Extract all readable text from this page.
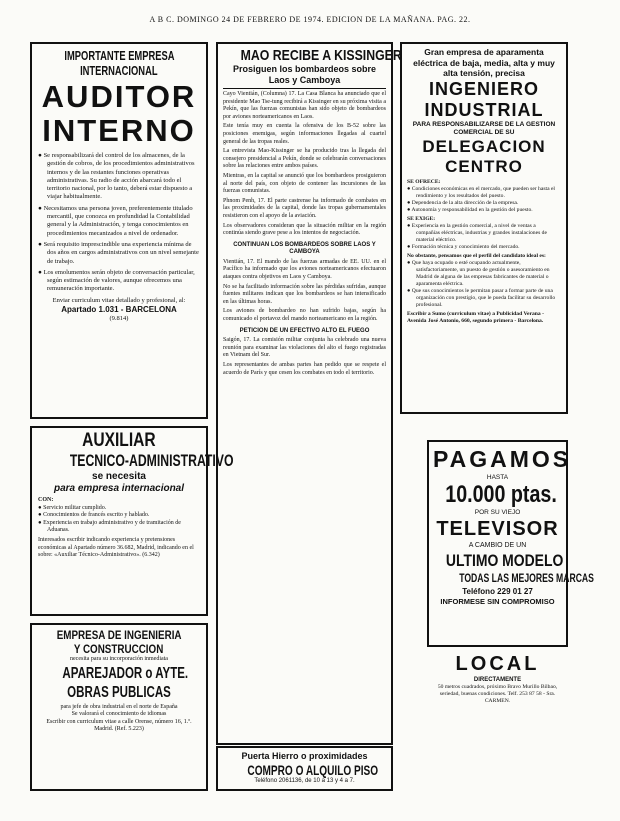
A B C. DOMINGO 24 DE FEBRERO DE 1974. EDICION DE LA MAÑANA. PAG. 22.
IMPORTANTE EMPRESA
INTERNACIONAL
AUDITOR
INTERNO

● Se responsabilizará del control de los almacenes, de la gestión de cobros, de los procedimientos administrativos internos y de las restantes funciones operativas administrativas. Su radio de acción abarcará todo el territorio nacional, por lo tanto, deberá estar dispuesto a viajar habitualmente.

● Necesitamos una persona joven, preferentemente titulado mercantil, que conozca en profundidad la Contabilidad general y la Administración, y tenga conocimientos en procedimientos mecanizados a nivel de ordenador.

● Será requisito imprescindible una experiencia mínima de dos años en cargos administrativos con un nivel semejante de trabajo.

● Los emolumentos serán objeto de conversación particular, según estimación de valores, aunque ofrecemos una remuneración importante.

Enviar curriculum vitae detallado y profesional, al:

Apartado 1.031 - BARCELONA

(9.814)

AUXILIAR
TECNICO-ADMINISTRATIVO
se necesita
para empresa internacional

CON:

● Servicio militar cumplido.

● Conocimientos de francés escrito y hablado.

● Experiencia en trabajo administrativo y de tramitación de Aduanas.

Interesados escribir indicando experiencia y pretensiones económicas al Apartado número 36.682, Madrid, indicando en el sobre: «Auxiliar Técnico-Administrativo». (6.342)

EMPRESA DE INGENIERIA
Y CONSTRUCCION
necesita para su incorporación inmediata
APAREJADOR o AYTE.
OBRAS PUBLICAS

para jefe de obra industrial en el norte de España

Se valorará el conocimiento de idiomas

Escribir con curriculum vitae a calle Orense, número 16, 1.º. Madrid. (Ref. 5.223)

MAO RECIBE A KISSINGER
Prosiguen los bombardeos sobre Laos y Camboya

Cayo Vientián, (Columna) 17. La Casa Blanca ha anunciado que el presidente Mao Tse-tung recibirá a Kissinger en su próxima visita a Pekín, que las fuerzas comunistas han sido objeto de bombardeos por aviones norteamericanos en Laos.

Este tenía muy en cuenta la ofensiva de los B-52 sobre las posiciones enemigas, según informaciones llegadas al cuartel general de las tropas reales.

La entrevista Mao-Kissinger se ha producido tras la llegada del consejero presidencial a Pekín, donde se celebrarán conversaciones sobre las relaciones entre ambos países.

Mientras, en la capital se anunció que los bombardeos prosiguieron al norte del país, con objeto de contener las incursiones de las fuerzas comunistas.

Phnom Penh, 17. El parte castrense ha informado de combates en las proximidades de la capital, donde las tropas gubernamentales resistieron con el apoyo de la aviación.

Los observadores consideran que la situación militar en la región continúa siendo grave pese a los intentos de negociación.

CONTINUAN LOS BOMBARDEOS SOBRE LAOS Y CAMBOYA

Vientián, 17. El mando de las fuerzas armadas de EE. UU. en el Pacífico ha informado que los aviones norteamericanos efectuaron ataques contra objetivos en Laos y Camboya.

No se ha facilitado información sobre las pérdidas sufridas, aunque fuentes militares indican que los bombardeos se han intensificado en las últimas horas.

Los aviones de bombardeo no han sufrido bajas, según ha comunicado el portavoz del mando norteamericano en la región.

PETICION DE UN EFECTIVO ALTO EL FUEGO

Saigón, 17. La comisión militar conjunta ha celebrado una nueva reunión para examinar las violaciones del alto el fuego registradas en Vietnam del Sur.

Los representantes de ambas partes han pedido que se respete el acuerdo de París y que cesen los combates en todo el territorio.

Puerta Hierro o proximidades
COMPRO O ALQUILO PISO
Teléfono 2061136, de 10 a 13 y 4 a 7.
Gran empresa de aparamenta eléctrica de baja, media, alta y muy alta tensión, precisa
INGENIERO
INDUSTRIAL
PARA RESPONSABILIZARSE DE LA GESTION COMERCIAL DE SU
DELEGACION
CENTRO

SE OFRECE:

● Condiciones económicas en el mercado, que pueden ser hasta el rendimiento y los resultados del puesto.

● Dependencia de la alta dirección de la empresa.

● Autonomía y responsabilidad en la gestión del puesto.

SE EXIGE:

● Experiencia en la gestión comercial, a nivel de ventas a compañías eléctricas, industrias y grandes instalaciones de material eléctrico.

● Formación técnica y conocimiento del mercado.

No obstante, pensamos que el perfil del candidato ideal es:

● Que haya ocupado o esté ocupando actualmente, satisfactoriamente, un puesto de gestión o asesoramiento en Madrid de alguna de las empresas fabricantes de material o aparamenta eléctrica.

● Que sus conocimientos le permitan pasar a formar parte de una organización con prestigio, que le pueda facilitar su desarrollo profesional.

Escribir a Sumo (curriculum vitae) a Publicidad Verana - Avenida José Antonio, 660, segundo primera - Barcelona.

PAGAMOS
HASTA
10.000 ptas.
POR SU VIEJO
TELEVISOR
A CAMBIO DE UN
ULTIMO MODELO
TODAS LAS MEJORES MARCAS
Teléfono 229 01 27
INFORMESE SIN COMPROMISO
LOCAL
DIRECTAMENTE
50 metros cuadrados, próximo Bravo Murillo Bilbao, seriedad, buenas condiciones. Telf. 253 87 58 - Sra. CARMEN.
